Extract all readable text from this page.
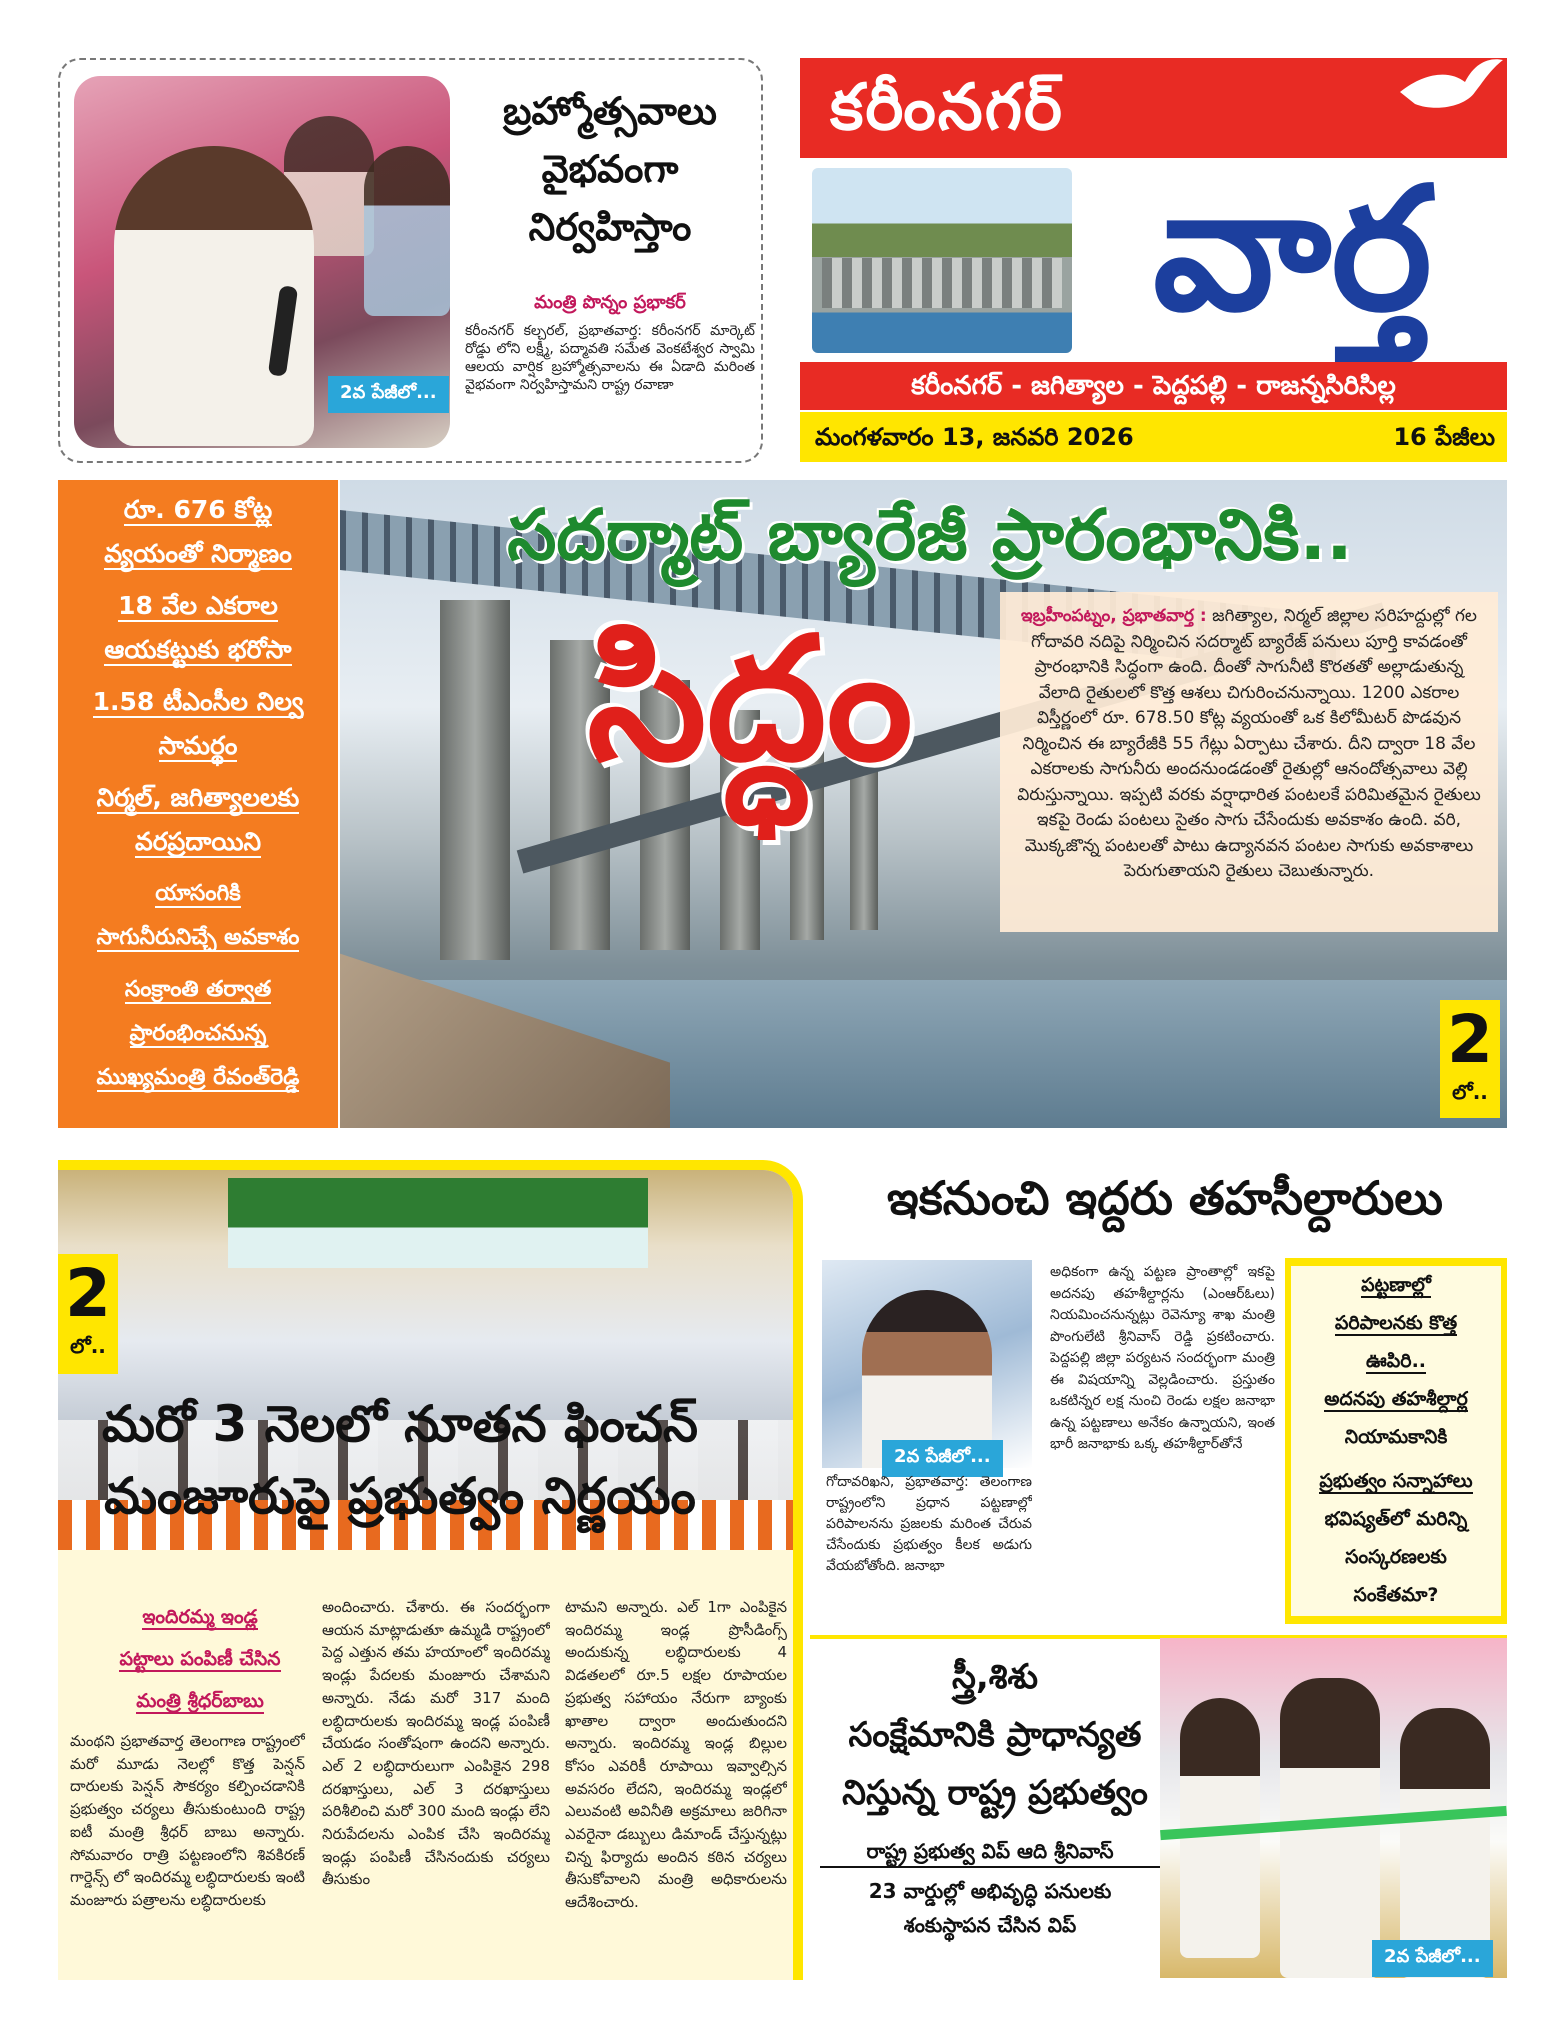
2వ పేజీలో...
బ్రహ్మోత్సవాలు
వైభవంగా
నిర్వహిస్తాం
మంత్రి పొన్నం ప్రభాకర్
కరీంనగర్ కల్చరల్, ప్రభాతవార్త: కరీంనగర్ మార్కెట్ రోడ్డు లోని లక్ష్మీ, పద్మావతి సమేత వెంకటేశ్వర స్వామి ఆలయ వార్షిక బ్రహ్మోత్సవాలను ఈ ఏడాది మరింత వైభవంగా నిర్వహిస్తామని రాష్ట్ర రవాణా
కరీంనగర్
వార్త
కరీంనగర్ - జగిత్యాల - పెద్దపల్లి - రాజన్నసిరిసిల్ల
మంగళవారం 13, జనవరి 2026	16 పేజీలు
రూ. 676 కోట్ల
వ్యయంతో నిర్మాణం
18 వేల ఎకరాల
ఆయకట్టుకు భరోసా
1.58 టీఎంసీల నిల్వ
సామర్థం
నిర్మల్, జగిత్యాలలకు
వరప్రదాయిని
యాసంగికి
సాగునీరునిచ్చే అవకాశం
సంక్రాంతి తర్వాత
ప్రారంభించనున్న
ముఖ్యమంత్రి రేవంత్‌రెడ్డి
సదర్మాట్ బ్యారేజీ ప్రారంభానికి..
సిద్ధం	ఇబ్రహీంపట్నం, ప్రభాతవార్త : జగిత్యాల, నిర్మల్ జిల్లాల సరిహద్దుల్లో గల గోదావరి నదిపై నిర్మించిన సదర్మాట్ బ్యారేజ్ పనులు పూర్తి కావడంతో ప్రారంభానికి సిద్ధంగా ఉంది. దీంతో సాగునీటి కొరతతో అల్లాడుతున్న వేలాది రైతులలో కొత్త ఆశలు చిగురించనున్నాయి. 1200 ఎకరాల విస్తీర్ణంలో రూ. 678.50 కోట్ల వ్యయంతో ఒక కిలోమీటర్ పొడవున నిర్మించిన ఈ బ్యారేజీకి 55 గేట్లు ఏర్పాటు చేశారు. దీని ద్వారా 18 వేల ఎకరాలకు సాగునీరు అందనుండడంతో రైతుల్లో ఆనందోత్సవాలు వెల్లి విరుస్తున్నాయి. ఇప్పటి వరకు వర్షాధారిత పంటలకే పరిమితమైన రైతులు ఇకపై రెండు పంటలు సైతం సాగు చేసేందుకు అవకాశం ఉంది. వరి, మొక్కజొన్న పంటలతో పాటు ఉద్యానవన పంటల సాగుకు అవకాశాలు పెరుగుతాయని రైతులు చెబుతున్నారు.
2
లో..
2
లో..
మరో 3 నెలలో నూతన ఫించన్
మంజూరుపై ప్రభుత్వం నిర్ణయం
ఇందిరమ్మ ఇండ్ల
పట్టాలు పంపిణీ చేసిన
మంత్రి శ్రీధర్‌బాబు
మంథని ప్రభాతవార్త తెలంగాణ రాష్ట్రంలో మరో మూడు నెలల్లో కొత్త పెన్షన్ దారులకు పెన్షన్ సౌకర్యం కల్పించడానికి ప్రభుత్వం చర్యలు తీసుకుంటుంది రాష్ట్ర ఐటీ మంత్రి శ్రీధర్ బాబు అన్నారు. సోమవారం రాత్రి పట్టణంలోని శివకిరణ్ గార్డెన్స్ లో ఇందిరమ్మ లబ్ధిదారులకు ఇంటి మంజూరు పత్రాలను లబ్ధిదారులకు
అందించారు. చేశారు. ఈ సందర్భంగా ఆయన మాట్లాడుతూ ఉమ్మడి రాష్ట్రంలో పెద్ద ఎత్తున తమ హయాంలో ఇందిరమ్మ ఇండ్లు పేదలకు మంజూరు చేశామని అన్నారు. నేడు మరో 317 మంది లబ్ధిదారులకు ఇందిరమ్మ ఇండ్ల పంపిణీ చేయడం సంతోషంగా ఉందని అన్నారు. ఎల్ 2 లబ్ధిదారులుగా ఎంపికైన 298 దరఖాస్తులు, ఎల్ 3 దరఖాస్తులు పరిశీలించి మరో 300 మంది ఇండ్లు లేని నిరుపేదలను ఎంపిక చేసి ఇందిరమ్మ ఇండ్లు పంపిణీ చేసినందుకు చర్యలు తీసుకుం
టామని అన్నారు. ఎల్ 1గా ఎంపికైన ఇందిరమ్మ ఇండ్ల ప్రొసీడింగ్స్ అందుకున్న లబ్ధిదారులకు 4 విడతలలో రూ.5 లక్షల రూపాయల ప్రభుత్వ సహాయం నేరుగా బ్యాంకు ఖాతాల ద్వారా అందుతుందని అన్నారు. ఇందిరమ్మ ఇండ్ల బిల్లుల కోసం ఎవరికీ రూపాయి ఇవ్వాల్సిన అవసరం లేదని, ఇందిరమ్మ ఇండ్లలో ఎలువంటి అవినీతి అక్రమాలు జరిగినా ఎవరైనా డబ్బులు డిమాండ్ చేస్తున్నట్లు చిన్న ఫిర్యాదు అందిన కఠిన చర్యలు తీసుకోవాలని మంత్రి అధికారులను ఆదేశించారు.
ఇకనుంచి ఇద్దరు తహసీల్దారులు
2వ పేజీలో...
గోదావరిఖని, ప్రభాతవార్త: తెలంగాణ రాష్ట్రంలోని ప్రధాన పట్టణాల్లో పరిపాలనను ప్రజలకు మరింత చేరువ చేసేందుకు ప్రభుత్వం కీలక అడుగు వేయబోతోంది. జనాభా
అధికంగా ఉన్న పట్టణ ప్రాంతాల్లో ఇకపై అదనపు తహశీల్దార్లను (ఎంఆర్ఓలు) నియమించనున్నట్లు రెవెన్యూ శాఖ మంత్రి పొంగులేటి శ్రీనివాస్ రెడ్డి ప్రకటించారు. పెద్దపల్లి జిల్లా పర్యటన సందర్భంగా మంత్రి ఈ విషయాన్ని వెల్లడించారు. ప్రస్తుతం ఒకటిన్నర లక్ష నుంచి రెండు లక్షల జనాభా ఉన్న పట్టణాలు అనేకం ఉన్నాయని, ఇంత భారీ జనాభాకు ఒక్క తహశీల్దార్‌తోనే
పట్టణాల్లో
పరిపాలనకు కొత్త
ఊపిరి..
అదనపు తహశీల్దార్ల
నియామకానికి
ప్రభుత్వం సన్నాహాలు
భవిష్యత్‌లో మరిన్ని
సంస్కరణలకు
సంకేతమా?
స్త్రీ,శిశు
సంక్షేమానికి ప్రాధాన్యత
నిస్తున్న రాష్ట్ర ప్రభుత్వం
రాష్ట్ర ప్రభుత్వ విప్ ఆది శ్రీనివాస్
23 వార్డుల్లో అభివృద్ధి పనులకు
శంకుస్థాపన చేసిన విప్
2వ పేజీలో...
